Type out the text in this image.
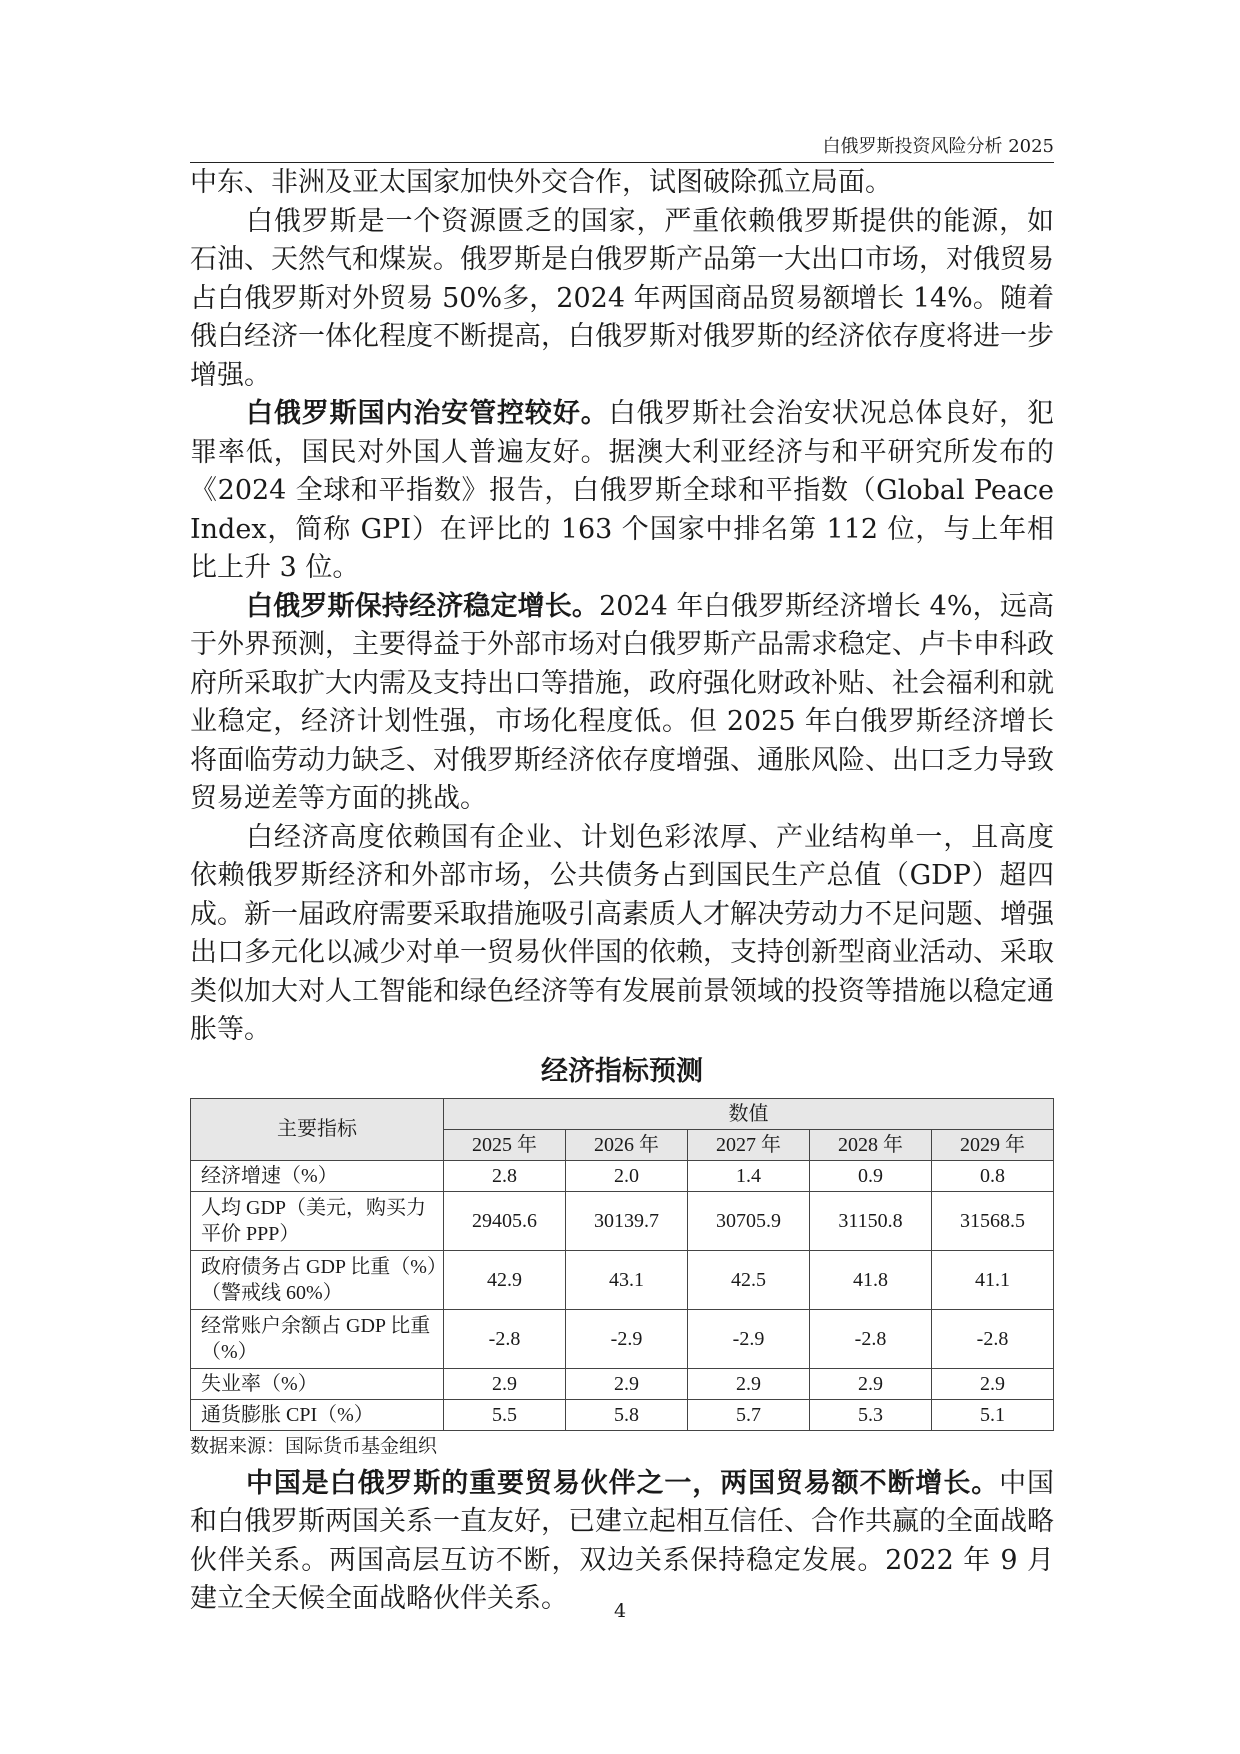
白俄罗斯投资风险分析 2025

中东、非洲及亚太国家加快外交合作，试图破除孤立局面。

白俄罗斯是一个资源匮乏的国家，严重依赖俄罗斯提供的能源，如石油、天然气和煤炭。俄罗斯是白俄罗斯产品第一大出口市场，对俄贸易占白俄罗斯对外贸易 50%多，2024 年两国商品贸易额增长 14%。随着俄白经济一体化程度不断提高，白俄罗斯对俄罗斯的经济依存度将进一步增强。

白俄罗斯国内治安管控较好。白俄罗斯社会治安状况总体良好，犯罪率低，国民对外国人普遍友好。据澳大利亚经济与和平研究所发布的《2024 全球和平指数》报告，白俄罗斯全球和平指数（Global Peace Index，简称 GPI）在评比的 163 个国家中排名第 112 位，与上年相比上升 3 位。

白俄罗斯保持经济稳定增长。2024 年白俄罗斯经济增长 4%，远高于外界预测，主要得益于外部市场对白俄罗斯产品需求稳定、卢卡申科政府所采取扩大内需及支持出口等措施，政府强化财政补贴、社会福利和就业稳定，经济计划性强，市场化程度低。但 2025 年白俄罗斯经济增长将面临劳动力缺乏、对俄罗斯经济依存度增强、通胀风险、出口乏力导致贸易逆差等方面的挑战。

白经济高度依赖国有企业、计划色彩浓厚、产业结构单一，且高度依赖俄罗斯经济和外部市场，公共债务占到国民生产总值（GDP）超四成。新一届政府需要采取措施吸引高素质人才解决劳动力不足问题、增强出口多元化以减少对单一贸易伙伴国的依赖，支持创新型商业活动、采取类似加大对人工智能和绿色经济等有发展前景领域的投资等措施以稳定通胀等。

经济指标预测
主要指标	数值				
	2025 年	2026 年	2027 年	2028 年	2029 年
经济增速（%）	2.8	2.0	1.4	0.9	0.8
人均 GDP（美元，购买力平价 PPP）	29405.6	30139.7	30705.9	31150.8	31568.5
政府债务占 GDP 比重（%）（警戒线 60%）	42.9	43.1	42.5	41.8	41.1
经常账户余额占 GDP 比重（%）	-2.8	-2.9	-2.9	-2.8	-2.8
失业率（%）	2.9	2.9	2.9	2.9	2.9
通货膨胀 CPI（%）	5.5	5.8	5.7	5.3	5.1
数据来源：国际货币基金组织

中国是白俄罗斯的重要贸易伙伴之一，两国贸易额不断增长。中国和白俄罗斯两国关系一直友好，已建立起相互信任、合作共赢的全面战略伙伴关系。两国高层互访不断，双边关系保持稳定发展。2022 年 9 月建立全天候全面战略伙伴关系。	4
